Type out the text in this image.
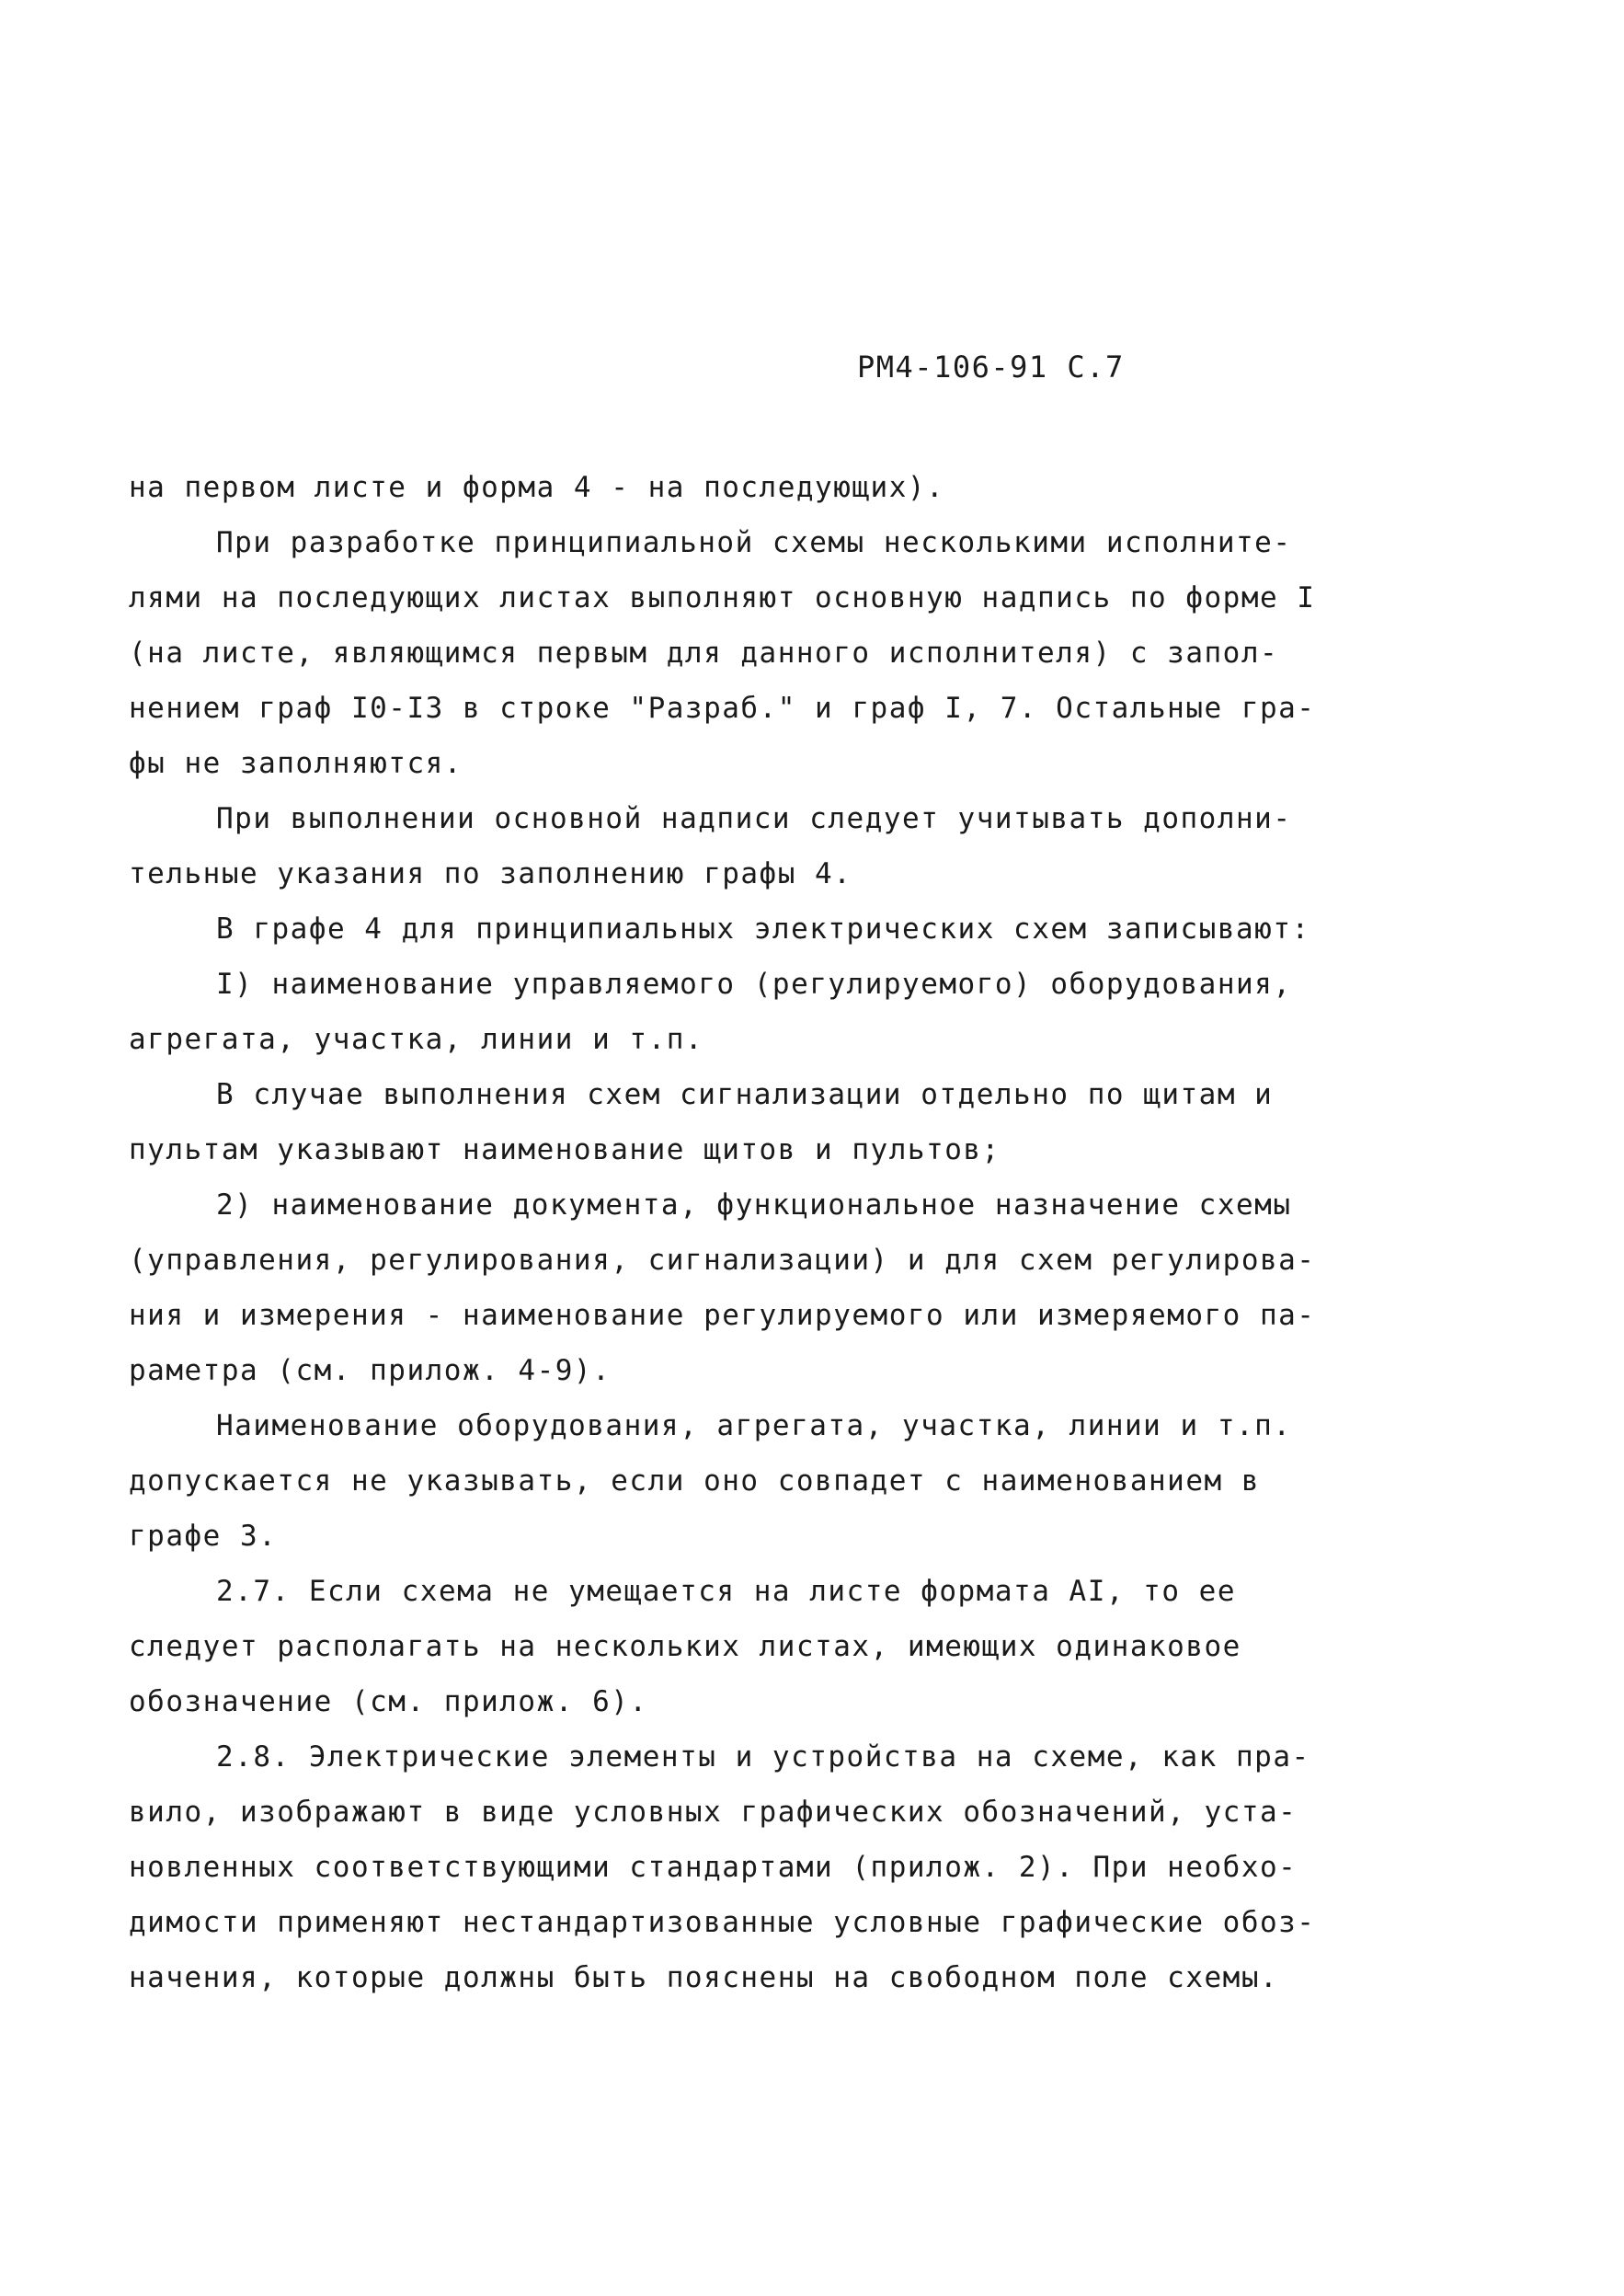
РМ4-106-91 С.7
на первом листе и форма 4 - на последующих).
При разработке принципиальной схемы несколькими исполните-
лями на последующих листах выполняют основную надпись по форме I
(на листе, являющимся первым для данного исполнителя) с запол-
нением граф I0-I3 в строке "Разраб." и граф I, 7. Остальные гра-
фы не заполняются.
При выполнении основной надписи следует учитывать дополни-
тельные указания по заполнению графы 4.
В графе 4 для принципиальных электрических схем записывают:
I) наименование управляемого (регулируемого) оборудования,
агрегата, участка, линии и т.п.
В случае выполнения схем сигнализации отдельно по щитам и
пультам указывают наименование щитов и пультов;
2) наименование документа, функциональное назначение схемы
(управления, регулирования, сигнализации) и для схем регулирова-
ния и измерения - наименование регулируемого или измеряемого па-
раметра (см. прилож. 4-9).
Наименование оборудования, агрегата, участка, линии и т.п.
допускается не указывать, если оно совпадет с наименованием в
графе 3.
2.7. Если схема не умещается на листе формата АI, то ее
следует располагать на нескольких листах, имеющих одинаковое
обозначение (см. прилож. 6).
2.8. Электрические элементы и устройства на схеме, как пра-
вило, изображают в виде условных графических обозначений, уста-
новленных соответствующими стандартами (прилож. 2). При необхо-
димости применяют нестандартизованные условные графические обоз-
начения, которые должны быть пояснены на свободном поле схемы.
